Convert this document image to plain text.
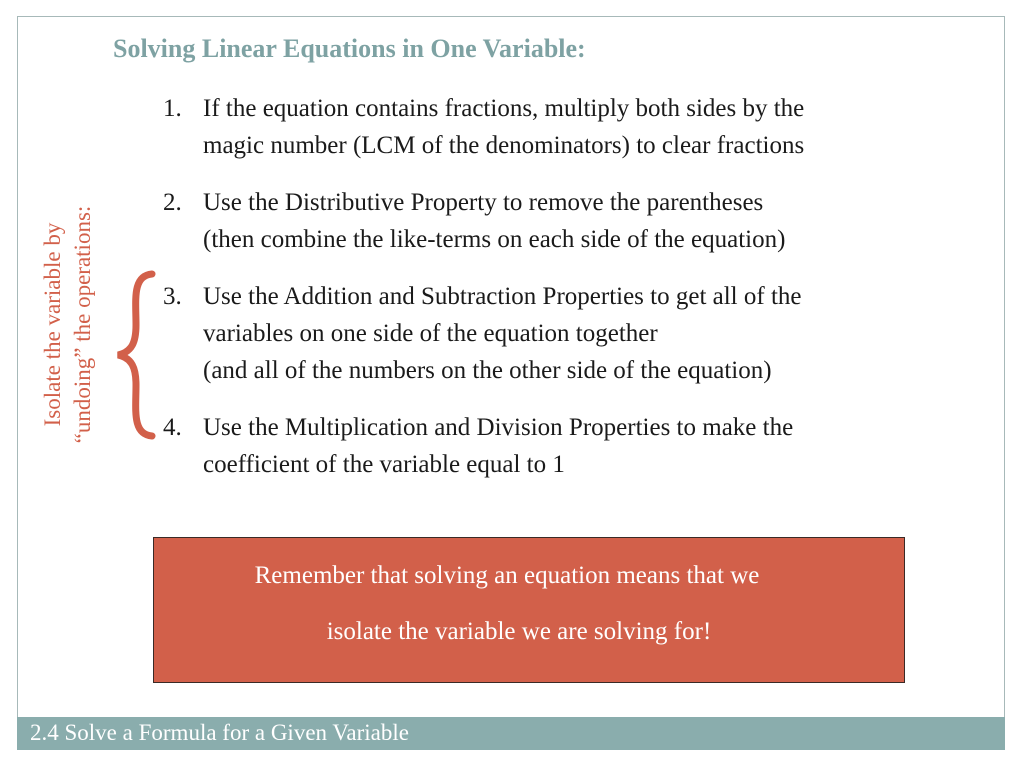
Solving Linear Equations in One Variable:
1. If the equation contains fractions, multiply both sides by the
magic number (LCM of the denominators) to clear fractions
2. Use the Distributive Property to remove the parentheses
(then combine the like-terms on each side of the equation)
3. Use the Addition and Subtraction Properties to get all of the
variables on one side of the equation together
(and all of the numbers on the other side of the equation)
4. Use the Multiplication and Division Properties to make the
coefficient of the variable equal to 1
Isolate the variable by “undoing” the operations:
Remember that solving an equation means that we
isolate the variable we are solving for!
2.4 Solve a Formula for a Given Variable
